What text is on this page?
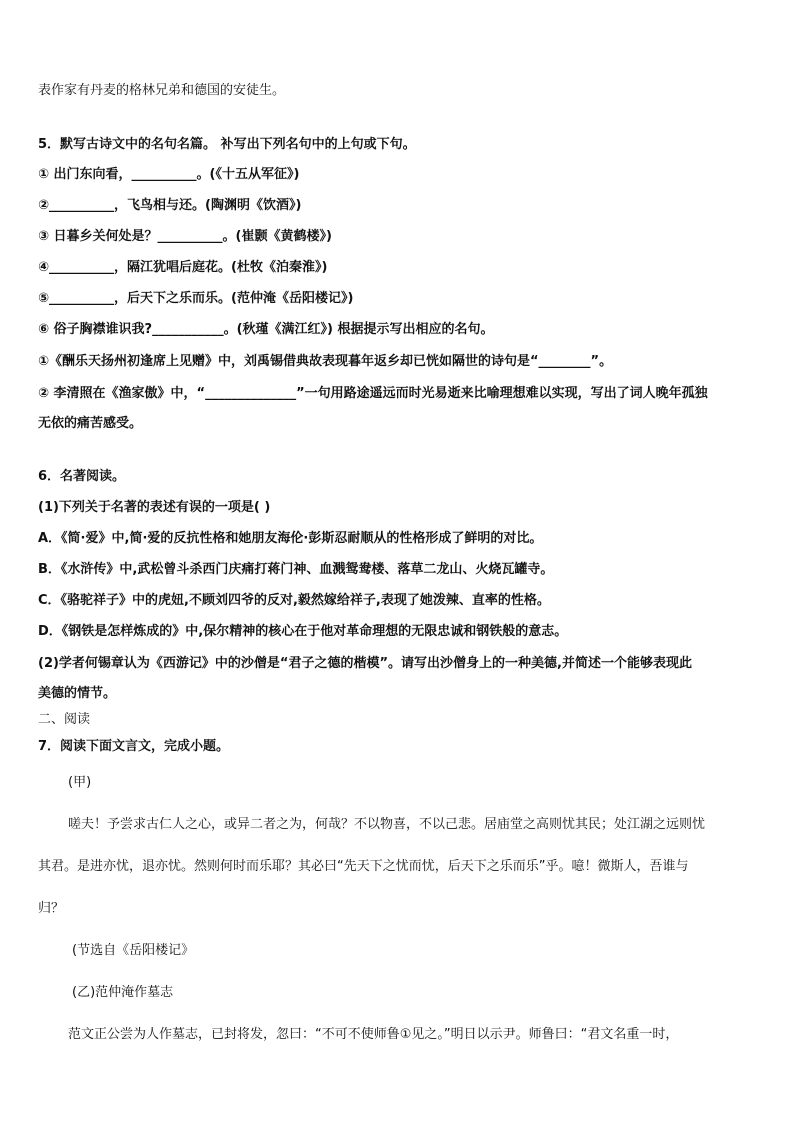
表作家有丹麦的格林兄弟和德国的安徒生。
5．默写古诗文中的名句名篇。 补写出下列名句中的上句或下句。
① 出门东向看，__________。(《十五从军征》)
②__________，飞鸟相与还。(陶渊明《饮酒》)
③ 日暮乡关何处是？__________。(崔颢《黄鹤楼》)
④__________，隔江犹唱后庭花。(杜牧《泊秦淮》)
⑤__________，后天下之乐而乐。(范仲淹《岳阳楼记》)
⑥ 俗子胸襟谁识我?___________。(秋瑾《满江红》) 根据提示写出相应的名句。
①《酬乐天扬州初逢席上见赠》中，刘禹锡借典故表现暮年返乡却已恍如隔世的诗句是“________”。
② 李清照在《渔家傲》中，“______________”一句用路途遥远而时光易逝来比喻理想难以实现，写出了词人晚年孤独
无依的痛苦感受。
6．名著阅读。
(1)下列关于名著的表述有误的一项是( )
A．《简·爱》中,简·爱的反抗性格和她朋友海伦·彭斯忍耐顺从的性格形成了鲜明的对比。
B．《水浒传》中,武松曾斗杀西门庆痛打蒋门神、血溅鸳鸯楼、落草二龙山、火烧瓦罐寺。
C．《骆驼祥子》中的虎妞,不顾刘四爷的反对,毅然嫁给祥子,表现了她泼辣、直率的性格。
D．《钢铁是怎样炼成的》中,保尔精神的核心在于他对革命理想的无限忠诚和钢铁般的意志。
(2)学者何锡章认为《西游记》中的沙僧是“君子之德的楷模”。请写出沙僧身上的一种美德,并简述一个能够表现此
美德的情节。
二、阅读
7．阅读下面文言文，完成小题。
(甲)
嗟夫！予尝求古仁人之心，或异二者之为，何哉？不以物喜，不以己悲。居庙堂之高则忧其民；处江湖之远则忧
其君。是进亦忧，退亦忧。然则何时而乐耶？其必曰“先天下之忧而忧，后天下之乐而乐”乎。噫！微斯人，吾谁与
归？
(节选自《岳阳楼记》
(乙)范仲淹作墓志
范文正公尝为人作墓志，已封将发，忽曰：“不可不使师鲁①见之。”明日以示尹。师鲁曰：“君文名重一时，
